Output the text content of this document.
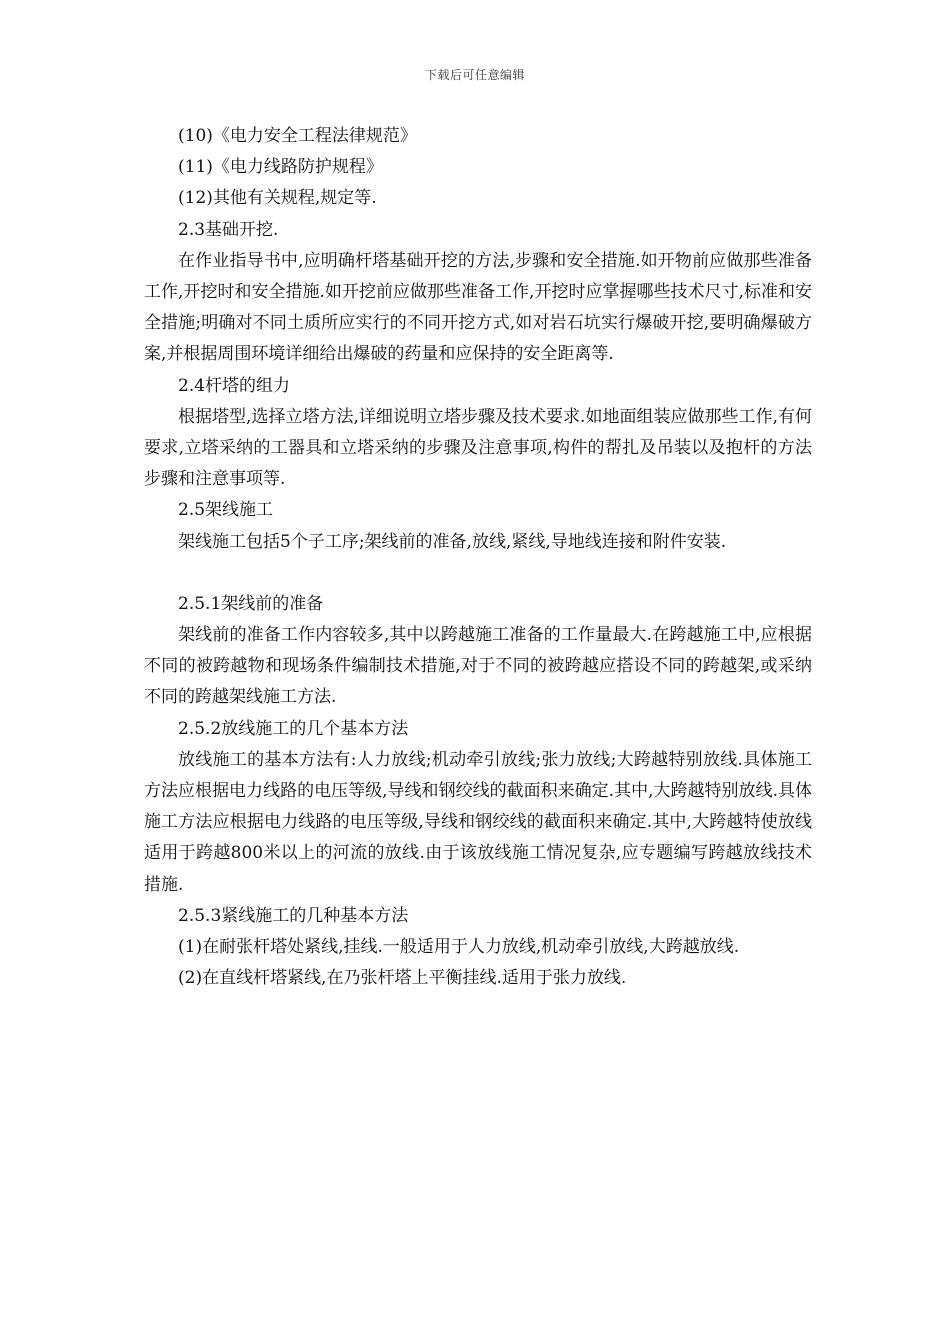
下载后可任意编辑

(10)《电力安全工程法律规范》

(11)《电力线路防护规程》

(12)其他有关规程,规定等.

2.3基础开挖.

在作业指导书中,应明确杆塔基础开挖的方法,步骤和安全措施.如开物前应做那些准备工作,开挖时和安全措施.如开挖前应做那些准备工作,开挖时应掌握哪些技术尺寸,标准和安全措施;明确对不同土质所应实行的不同开挖方式,如对岩石坑实行爆破开挖,要明确爆破方案,并根据周围环境详细给出爆破的药量和应保持的安全距离等.

2.4杆塔的组力

根据塔型,选择立塔方法,详细说明立塔步骤及技术要求.如地面组装应做那些工作,有何要求,立塔采纳的工器具和立塔采纳的步骤及注意事项,构件的帮扎及吊装以及抱杆的方法步骤和注意事项等.

2.5架线施工

架线施工包括5个子工序;架线前的准备,放线,紧线,导地线连接和附件安装.

2.5.1架线前的准备

架线前的准备工作内容较多,其中以跨越施工准备的工作量最大.在跨越施工中,应根据不同的被跨越物和现场条件编制技术措施,对于不同的被跨越应搭设不同的跨越架,或采纳不同的跨越架线施工方法.

2.5.2放线施工的几个基本方法

放线施工的基本方法有:人力放线;机动牵引放线;张力放线;大跨越特别放线.具体施工方法应根据电力线路的电压等级,导线和钢绞线的截面积来确定.其中,大跨越特别放线.具体施工方法应根据电力线路的电压等级,导线和钢绞线的截面积来确定.其中,大跨越特使放线适用于跨越800米以上的河流的放线.由于该放线施工情况复杂,应专题编写跨越放线技术措施.

2.5.3紧线施工的几种基本方法

(1)在耐张杆塔处紧线,挂线.一般适用于人力放线,机动牵引放线,大跨越放线.

(2)在直线杆塔紧线,在乃张杆塔上平衡挂线.适用于张力放线.
